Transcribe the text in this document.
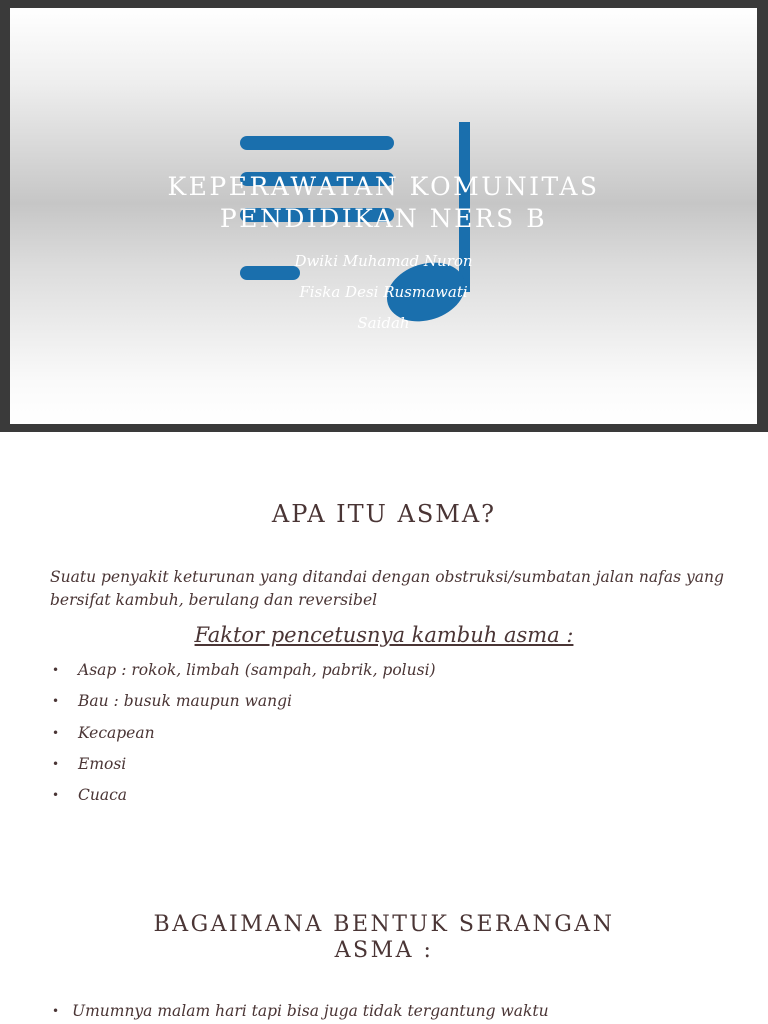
KEPERAWATAN KOMUNITAS
PENDIDIKAN NERS B
Dwiki Muhamad Nuron
Fiska Desi Rusmawati
Saidah
APA ITU ASMA?
Suatu penyakit keturunan yang ditandai dengan obstruksi/sumbatan jalan nafas yang bersifat kambuh, berulang dan reversibel
Faktor pencetusnya kambuh asma :
• Asap : rokok, limbah (sampah, pabrik, polusi)
• Bau : busuk maupun wangi
• Kecapean
• Emosi
• Cuaca
BAGAIMANA BENTUK SERANGAN
ASMA :
• Umumnya malam hari tapi bisa juga tidak tergantung waktu
